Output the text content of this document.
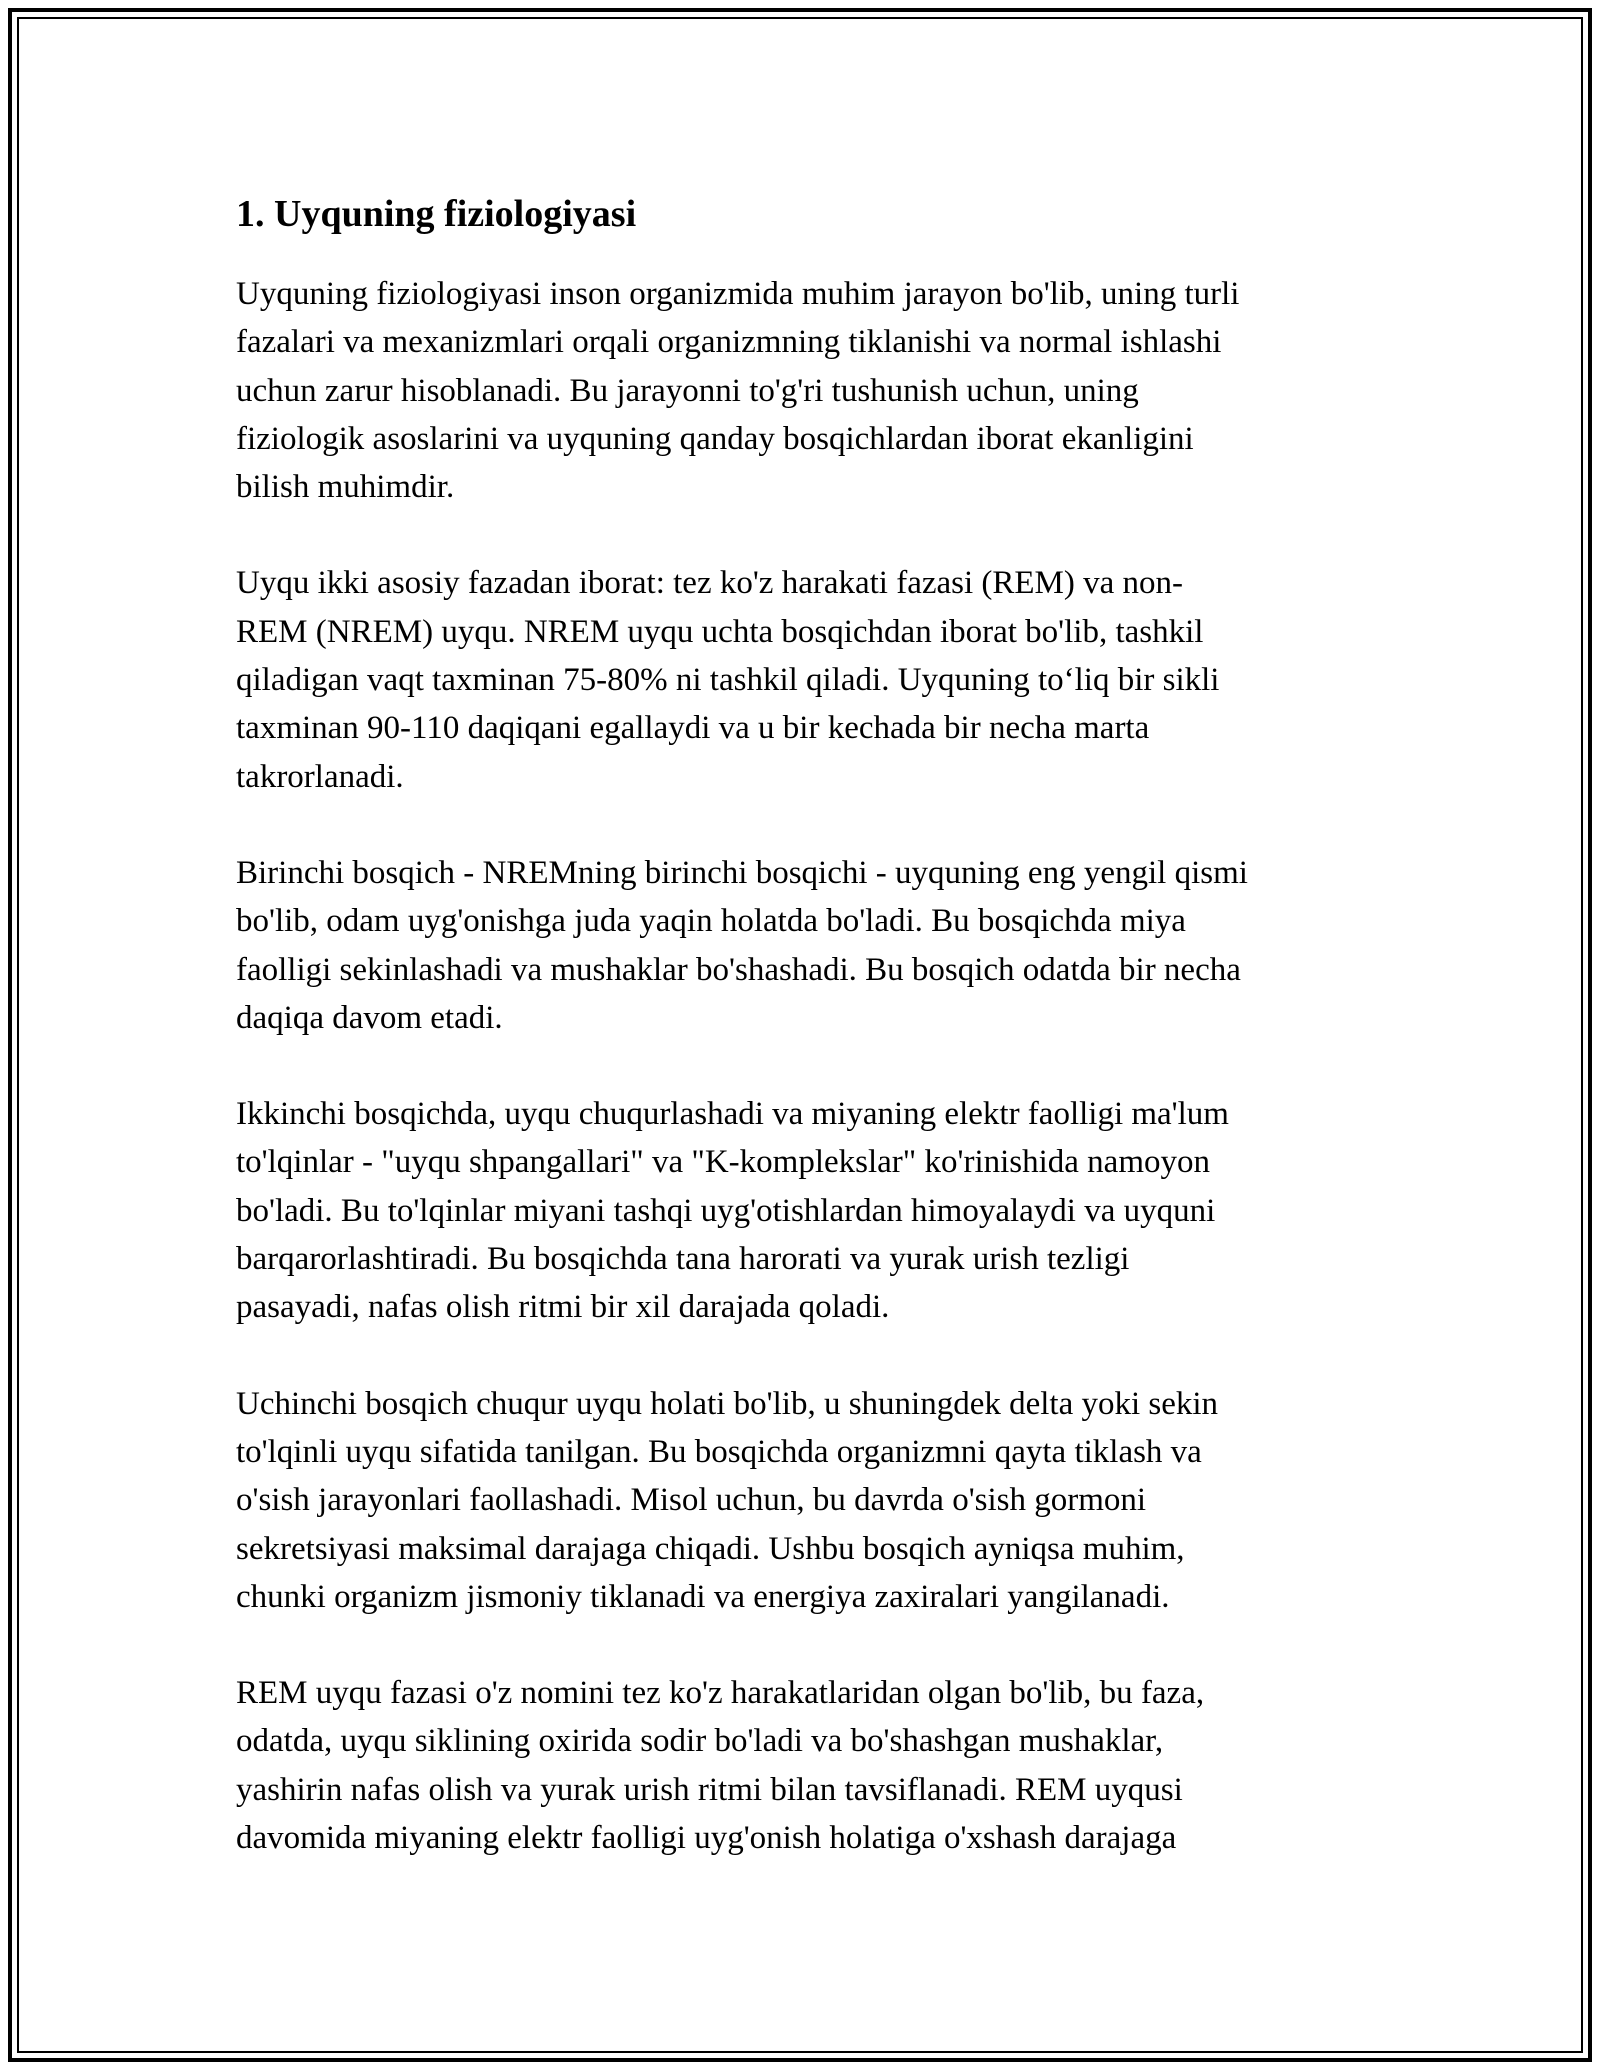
1. Uyquning fiziologiyasi

Uyquning fiziologiyasi inson organizmida muhim jarayon bo'lib, uning turli
fazalari va mexanizmlari orqali organizmning tiklanishi va normal ishlashi
uchun zarur hisoblanadi. Bu jarayonni to'g'ri tushunish uchun, uning
fiziologik asoslarini va uyquning qanday bosqichlardan iborat ekanligini
bilish muhimdir.

Uyqu ikki asosiy fazadan iborat: tez ko'z harakati fazasi (REM) va non-
REM (NREM) uyqu. NREM uyqu uchta bosqichdan iborat bo'lib, tashkil
qiladigan vaqt taxminan 75-80% ni tashkil qiladi. Uyquning to‘liq bir sikli
taxminan 90-110 daqiqani egallaydi va u bir kechada bir necha marta
takrorlanadi.

Birinchi bosqich - NREMning birinchi bosqichi - uyquning eng yengil qismi
bo'lib, odam uyg'onishga juda yaqin holatda bo'ladi. Bu bosqichda miya
faolligi sekinlashadi va mushaklar bo'shashadi. Bu bosqich odatda bir necha
daqiqa davom etadi.

Ikkinchi bosqichda, uyqu chuqurlashadi va miyaning elektr faolligi ma'lum
to'lqinlar - "uyqu shpangallari" va "K-komplekslar" ko'rinishida namoyon
bo'ladi. Bu to'lqinlar miyani tashqi uyg'otishlardan himoyalaydi va uyquni
barqarorlashtiradi. Bu bosqichda tana harorati va yurak urish tezligi
pasayadi, nafas olish ritmi bir xil darajada qoladi.

Uchinchi bosqich chuqur uyqu holati bo'lib, u shuningdek delta yoki sekin
to'lqinli uyqu sifatida tanilgan. Bu bosqichda organizmni qayta tiklash va
o'sish jarayonlari faollashadi. Misol uchun, bu davrda o'sish gormoni
sekretsiyasi maksimal darajaga chiqadi. Ushbu bosqich ayniqsa muhim,
chunki organizm jismoniy tiklanadi va energiya zaxiralari yangilanadi.

REM uyqu fazasi o'z nomini tez ko'z harakatlaridan olgan bo'lib, bu faza,
odatda, uyqu siklining oxirida sodir bo'ladi va bo'shashgan mushaklar,
yashirin nafas olish va yurak urish ritmi bilan tavsiflanadi. REM uyqusi
davomida miyaning elektr faolligi uyg'onish holatiga o'xshash darajaga
